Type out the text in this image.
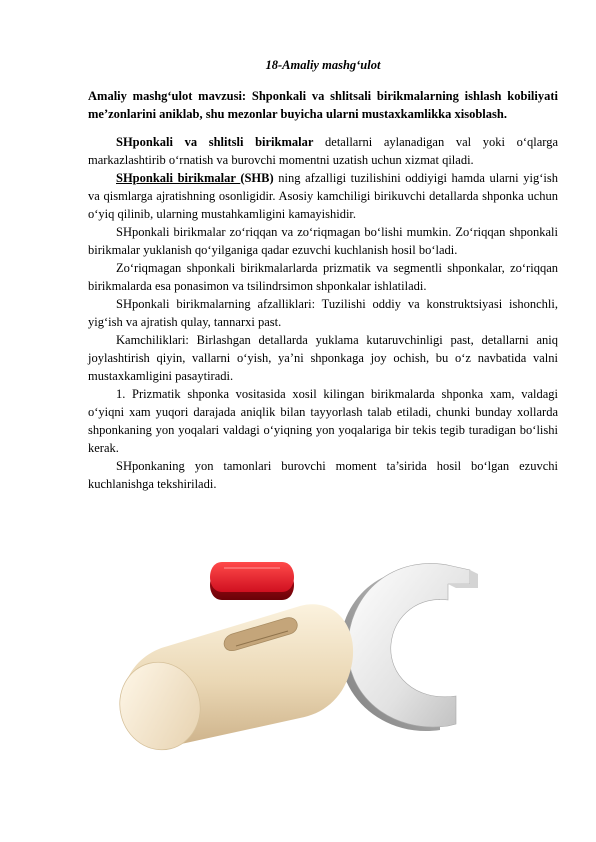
18-Amaliy mashg‘ulot

Amaliy mashg‘ulot mavzusi: Shponkali va shlitsali birikmalarning ishlash kobiliyati me’zonlarini aniklab, shu mezonlar buyicha ularni mustaxkamlikka xisoblash.

SHponkali va shlitsli birikmalar detallarni aylanadigan val yoki o‘qlarga markazlashtirib o‘rnatish va burovchi momentni uzatish uchun xizmat qiladi.

SHponkali birikmalar (SHB) ning afzalligi tuzilishini oddiyigi hamda ularni yig‘ish va qismlarga ajratishning osonligidir. Asosiy kamchiligi birikuvchi detallarda shponka uchun o‘yiq qilinib, ularning mustahkamligini kamayishidir.

SHponkali birikmalar zo‘riqqan va zo‘riqmagan bo‘lishi mumkin. Zo‘riqqan shponkali birikmalar yuklanish qo‘yilganiga qadar ezuvchi kuchlanish hosil bo‘ladi.

Zo‘riqmagan shponkali birikmalarlarda prizmatik va segmentli shponkalar, zo‘riqqan birikmalarda esa ponasimon va tsilindrsimon shponkalar ishlatiladi.

SHponkali birikmalarning afzalliklari: Tuzilishi oddiy va konstruktsiyasi ishonchli, yig‘ish va ajratish qulay, tannarxi past.

Kamchiliklari: Birlashgan detallarda yuklama kutaruvchinligi past, detallarni aniq joylashtirish qiyin, vallarni o‘yish, ya’ni shponkaga joy ochish, bu o‘z navbatida valni mustaxkamligini pasaytiradi.

1. Prizmatik shponka vositasida xosil kilingan birikmalarda shponka xam, valdagi o‘yiqni xam yuqori darajada aniqlik bilan tayyorlash talab etiladi, chunki bunday xollarda shponkaning yon yoqalari valdagi o‘yiqning yon yoqalariga bir tekis tegib turadigan bo‘lishi kerak.

SHponkaning yon tamonlari burovchi moment ta’sirida hosil bo‘lgan ezuvchi kuchlanishga tekshiriladi.
